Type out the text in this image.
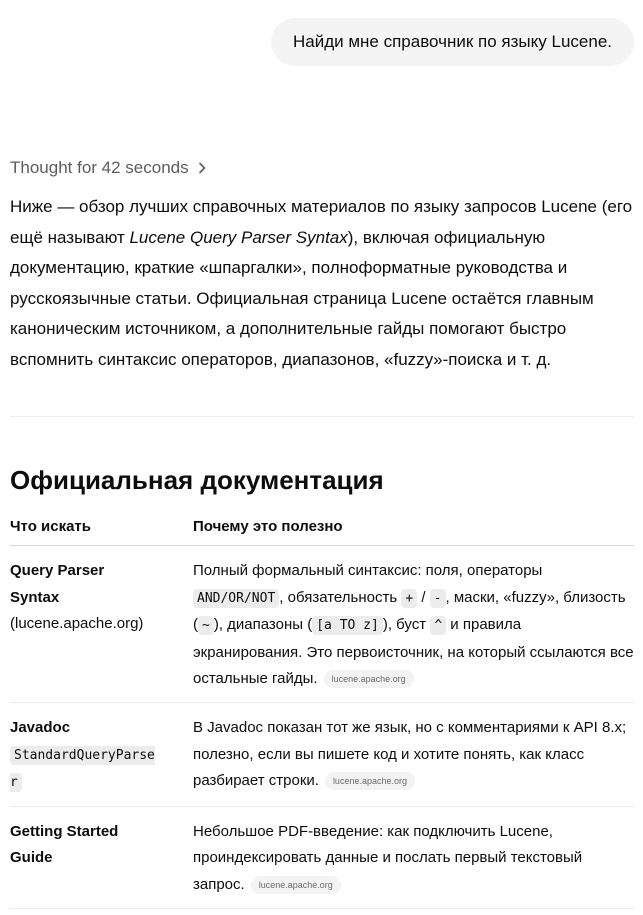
Найди мне справочник по языку Lucene.
Thought for 42 seconds

Ниже — обзор лучших справочных материалов по языку запросов Lucene (его ещё называют Lucene Query Parser Syntax), включая официальную документацию, краткие «шпаргалки», полноформатные руководства и русскоязычные статьи. Официальная страница Lucene остаётся главным каноническим источником, а дополнительные гайды помогают быстро вспомнить синтаксис операторов, диапазонов, «fuzzy»-поиска и т. д.

Официальная документация
Что искать	Почему это полезно
Query Parser Syntax
(lucene.apache.org)
Полный формальный синтаксис: поля, операторы AND/OR/NOT , обязательность + / - , маски, «fuzzy», близость ( ~ ), диапазоны ( [a TO z] ), буст ^ и правила экранирования. Это первоисточник, на который ссылаются все остальные гайды. lucene.apache.org
Javadoc
StandardQueryParser
В Javadoc показан тот же язык, но с комментариями к API 8.x; полезно, если вы пишете код и хотите понять, как класс разбирает строки. lucene.apache.org
Getting Started Guide
Небольшое PDF-введение: как подключить Lucene, проиндексировать данные и послать первый текстовый запрос. lucene.apache.org
